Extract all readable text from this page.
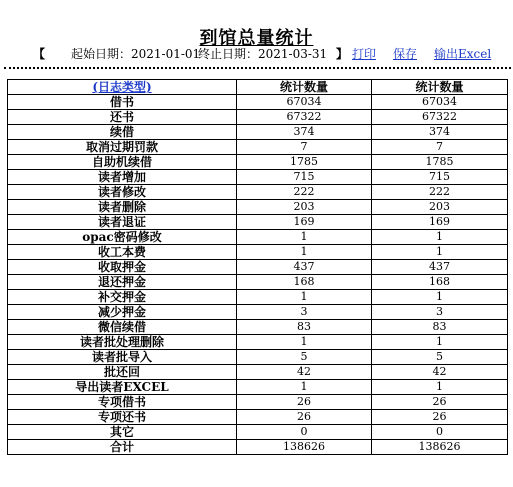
到馆总量统计
【 起始日期： 2021-01-01
终止日期： 2021-03-31 】 打印 保存 输出Excel
(日志类型)	统计数量	统计数量
借书	67034	67034
还书	67322	67322
续借	374	374
取消过期罚款	7	7
自助机续借	1785	1785
读者增加	715	715
读者修改	222	222
读者删除	203	203
读者退证	169	169
opac密码修改	1	1
收工本费	1	1
收取押金	437	437
退还押金	168	168
补交押金	1	1
减少押金	3	3
微信续借	83	83
读者批处理删除	1	1
读者批导入	5	5
批还回	42	42
导出读者EXCEL	1	1
专项借书	26	26
专项还书	26	26
其它	0	0
合计	138626	138626
